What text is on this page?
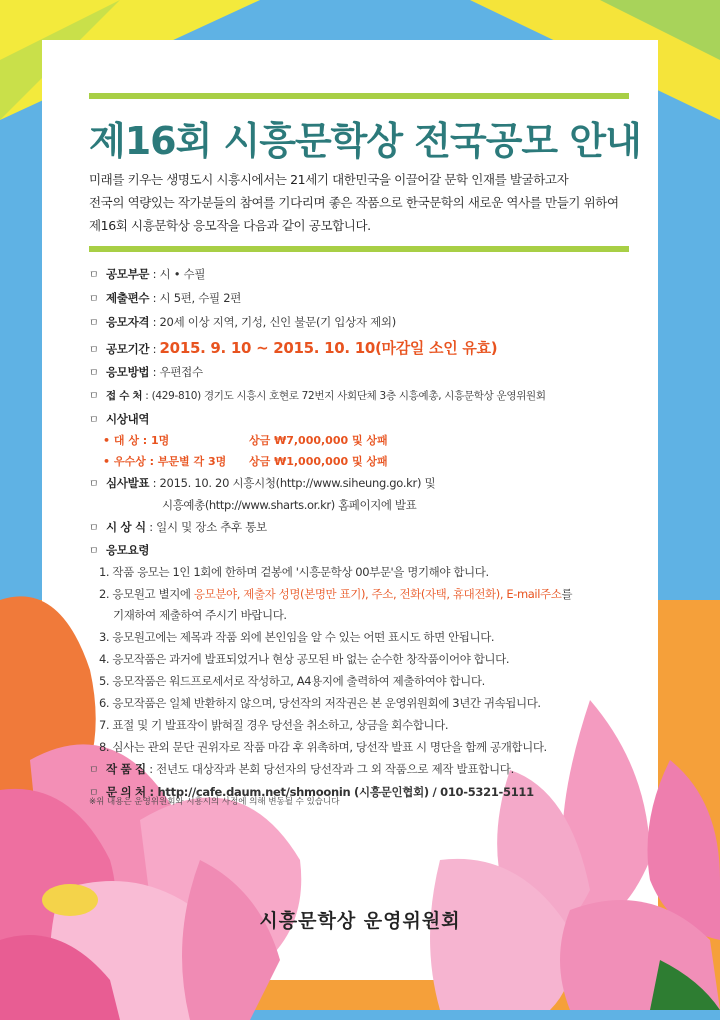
제16회 시흥문학상 전국공모 안내
미래를 키우는 생명도시 시흥시에서는 21세기 대한민국을 이끌어갈 문학 인재를 발굴하고자
전국의 역량있는 작가분들의 참여를 기다리며 좋은 작품으로 한국문학의 새로운 역사를 만들기 위하여
제16회 시흥문학상 응모작을 다음과 같이 공모합니다.
ㅁ 공모부문 : 시 • 수필
ㅁ 제출편수 : 시 5편, 수필 2편
ㅁ 응모자격 : 20세 이상 지역, 기성, 신인 불문(기 입상자 제외)
ㅁ 공모기간 : 2015. 9. 10 ~ 2015. 10. 10(마감일 소인 유효)
ㅁ 응모방법 : 우편접수
ㅁ 접 수 처 : (429-810) 경기도 시흥시 호현로 72번지 사회단체 3층 시흥예총, 시흥문학상 운영위원회
ㅁ 시상내역
• 대 상 : 1명	상금 ₩7,000,000 및 상패
• 우수상 : 부문별 각 3명 상금 ₩1,000,000 및 상패
ㅁ 심사발표 : 2015. 10. 20 시흥시청(http://www.siheung.go.kr) 및
시흥예총(http://www.sharts.or.kr) 홈페이지에 발표
ㅁ 시 상 식 : 일시 및 장소 추후 통보
ㅁ 응모요령
1. 작품 응모는 1인 1회에 한하며 겉봉에 '시흥문학상 00부문'을 명기해야 합니다.
2. 응모원고 별지에 응모분야, 제출자 성명(본명만 표기), 주소, 전화(자택, 휴대전화), E-mail주소를
기재하여 제출하여 주시기 바랍니다.
3. 응모원고에는 제목과 작품 외에 본인임을 알 수 있는 어떤 표시도 하면 안됩니다.
4. 응모작품은 과거에 발표되었거나 현상 공모된 바 없는 순수한 창작품이어야 합니다.
5. 응모작품은 워드프로세서로 작성하고, A4용지에 출력하여 제출하여야 합니다.
6. 응모작품은 일체 반환하지 않으며, 당선작의 저작권은 본 운영위원회에 3년간 귀속됩니다.
7. 표절 및 기 발표작이 밝혀질 경우 당선을 취소하고, 상금을 회수합니다.
8. 심사는 관외 문단 권위자로 작품 마감 후 위촉하며, 당선작 발표 시 명단을 함께 공개합니다.
ㅁ 작 품 집 : 전년도 대상작과 본회 당선자의 당선작과 그 외 작품으로 제작 발표합니다.
ㅁ 문 의 처 : http://cafe.daum.net/shmoonin (시흥문인협회) / 010-5321-5111
※위 내용은 운영위원회와 시흥시의 사정에 의해 변동될 수 있습니다
시흥문학상 운영위원회
